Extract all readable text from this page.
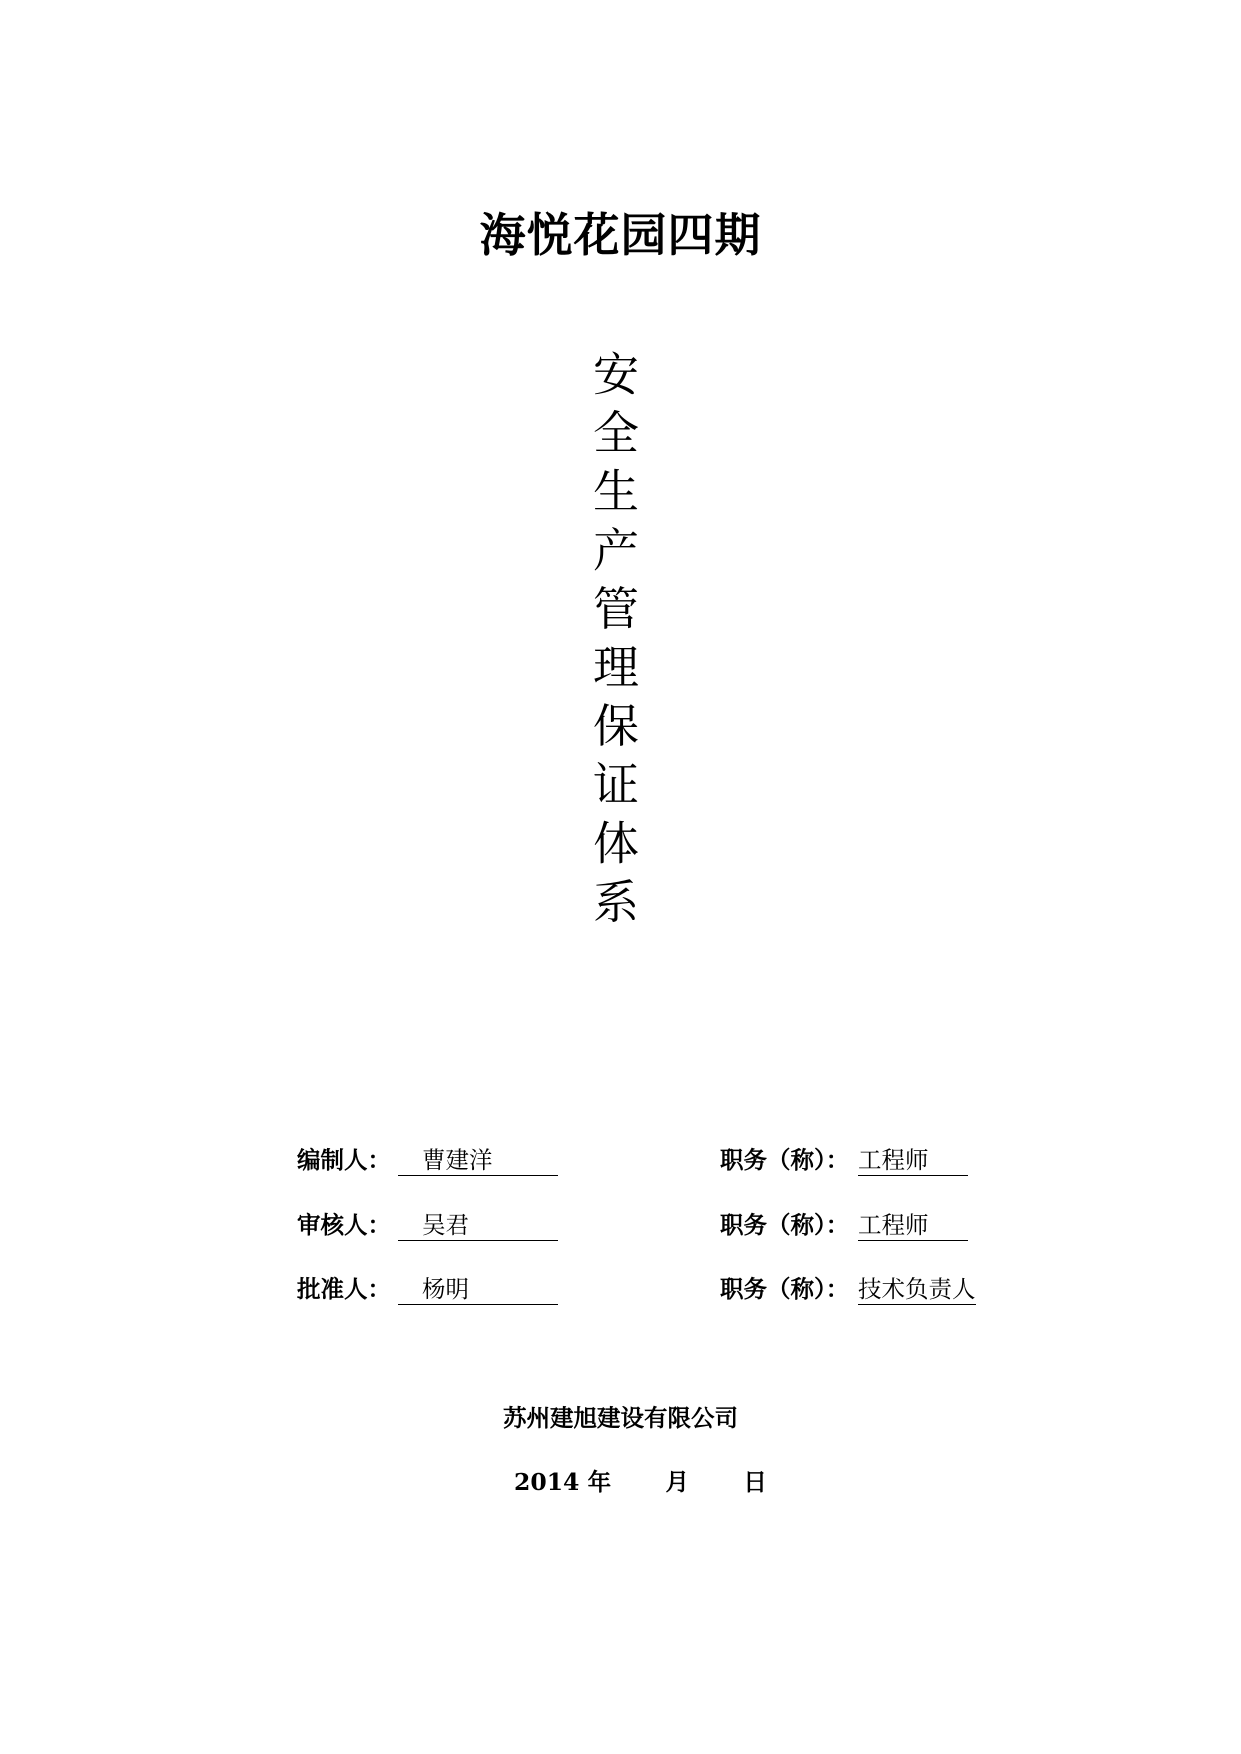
海悦花园四期
安全生产管理保证体系
编制人： 曹建洋	职务（称）： 工程师
审核人： 吴君	职务（称）： 工程师
批准人： 杨明	职务（称）： 技术负责人
苏州建旭建设有限公司
2014 年 月 日
